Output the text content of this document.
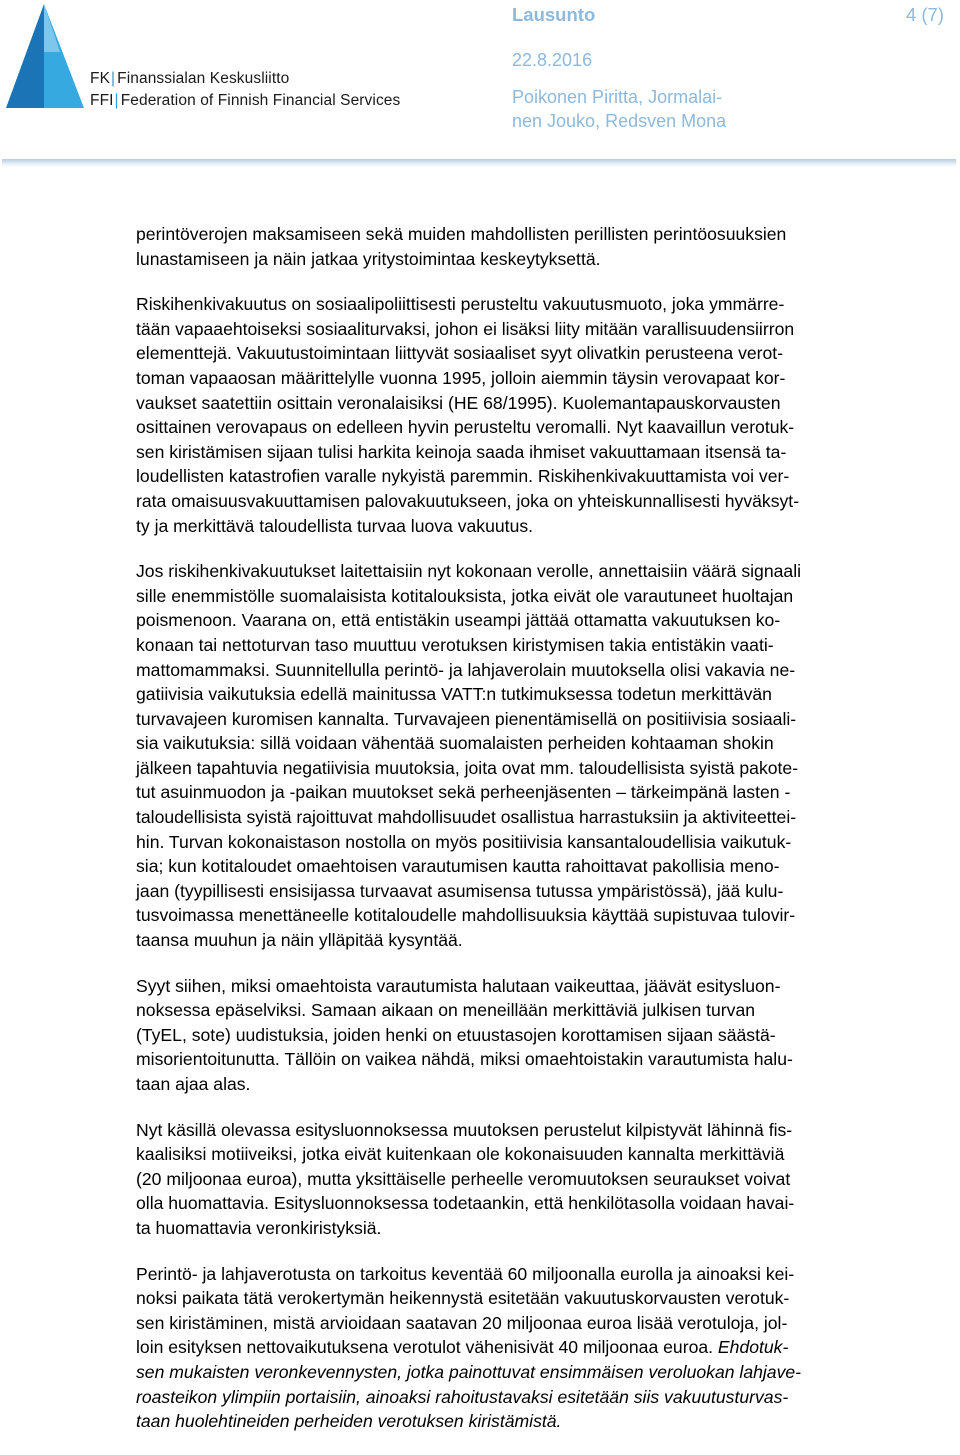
FK| Finanssialan Keskusliitto
FFI| Federation of Finnish Financial Services
Lausunto	4 (7)
22.8.2016
Poikonen Piritta, Jormalai-
nen Jouko, Redsven Mona

perintöverojen maksamiseen sekä muiden mahdollisten perillisten perintöosuuksien
lunastamiseen ja näin jatkaa yritystoimintaa keskeytyksettä.

Riskihenkivakuutus on sosiaalipoliittisesti perusteltu vakuutusmuoto, joka ymmärre-
tään vapaaehtoiseksi sosiaaliturvaksi, johon ei lisäksi liity mitään varallisuudensiirron
elementtejä. Vakuutustoimintaan liittyvät sosiaaliset syyt olivatkin perusteena verot-
toman vapaaosan määrittelylle vuonna 1995, jolloin aiemmin täysin verovapaat kor-
vaukset saatettiin osittain veronalaisiksi (HE 68/1995). Kuolemantapauskorvausten
osittainen verovapaus on edelleen hyvin perusteltu veromalli. Nyt kaavaillun verotuk-
sen kiristämisen sijaan tulisi harkita keinoja saada ihmiset vakuuttamaan itsensä ta-
loudellisten katastrofien varalle nykyistä paremmin. Riskihenkivakuuttamista voi ver-
rata omaisuusvakuuttamisen palovakuutukseen, joka on yhteiskunnallisesti hyväksyt-
ty ja merkittävä taloudellista turvaa luova vakuutus.

Jos riskihenkivakuutukset laitettaisiin nyt kokonaan verolle, annettaisiin väärä signaali
sille enemmistölle suomalaisista kotitalouksista, jotka eivät ole varautuneet huoltajan
poismenoon. Vaarana on, että entistäkin useampi jättää ottamatta vakuutuksen ko-
konaan tai nettoturvan taso muuttuu verotuksen kiristymisen takia entistäkin vaati-
mattomammaksi. Suunnitellulla perintö- ja lahjaverolain muutoksella olisi vakavia ne-
gatiivisia vaikutuksia edellä mainitussa VATT:n tutkimuksessa todetun merkittävän
turvavajeen kuromisen kannalta. Turvavajeen pienentämisellä on positiivisia sosiaali-
sia vaikutuksia: sillä voidaan vähentää suomalaisten perheiden kohtaaman shokin
jälkeen tapahtuvia negatiivisia muutoksia, joita ovat mm. taloudellisista syistä pakote-
tut asuinmuodon ja -paikan muutokset sekä perheenjäsenten – tärkeimpänä lasten -
taloudellisista syistä rajoittuvat mahdollisuudet osallistua harrastuksiin ja aktiviteettei-
hin. Turvan kokonaistason nostolla on myös positiivisia kansantaloudellisia vaikutuk-
sia; kun kotitaloudet omaehtoisen varautumisen kautta rahoittavat pakollisia meno-
jaan (tyypillisesti ensisijassa turvaavat asumisensa tutussa ympäristössä), jää kulu-
tusvoimassa menettäneelle kotitaloudelle mahdollisuuksia käyttää supistuvaa tulovir-
taansa muuhun ja näin ylläpitää kysyntää.

Syyt siihen, miksi omaehtoista varautumista halutaan vaikeuttaa, jäävät esitysluon-
noksessa epäselviksi. Samaan aikaan on meneillään merkittäviä julkisen turvan
(TyEL, sote) uudistuksia, joiden henki on etuustasojen korottamisen sijaan säästä-
misorientoitunutta. Tällöin on vaikea nähdä, miksi omaehtoistakin varautumista halu-
taan ajaa alas.

Nyt käsillä olevassa esitysluonnoksessa muutoksen perustelut kilpistyvät lähinnä fis-
kaalisiksi motiiveiksi, jotka eivät kuitenkaan ole kokonaisuuden kannalta merkittäviä
(20 miljoonaa euroa), mutta yksittäiselle perheelle veromuutoksen seuraukset voivat
olla huomattavia. Esitysluonnoksessa todetaankin, että henkilötasolla voidaan havai-
ta huomattavia veronkiristyksiä.

Perintö- ja lahjaverotusta on tarkoitus keventää 60 miljoonalla eurolla ja ainoaksi kei-
noksi paikata tätä verokertymän heikennystä esitetään vakuutuskorvausten verotuk-
sen kiristäminen, mistä arvioidaan saatavan 20 miljoonaa euroa lisää verotuloja, jol-
loin esityksen nettovaikutuksena verotulot vähenisivät 40 miljoonaa euroa. Ehdotuk-
sen mukaisten veronkevennysten, jotka painottuvat ensimmäisen veroluokan lahjave-
roasteikon ylimpiin portaisiin, ainoaksi rahoitustavaksi esitetään siis vakuutusturvas-
taan huolehtineiden perheiden verotuksen kiristämistä.
